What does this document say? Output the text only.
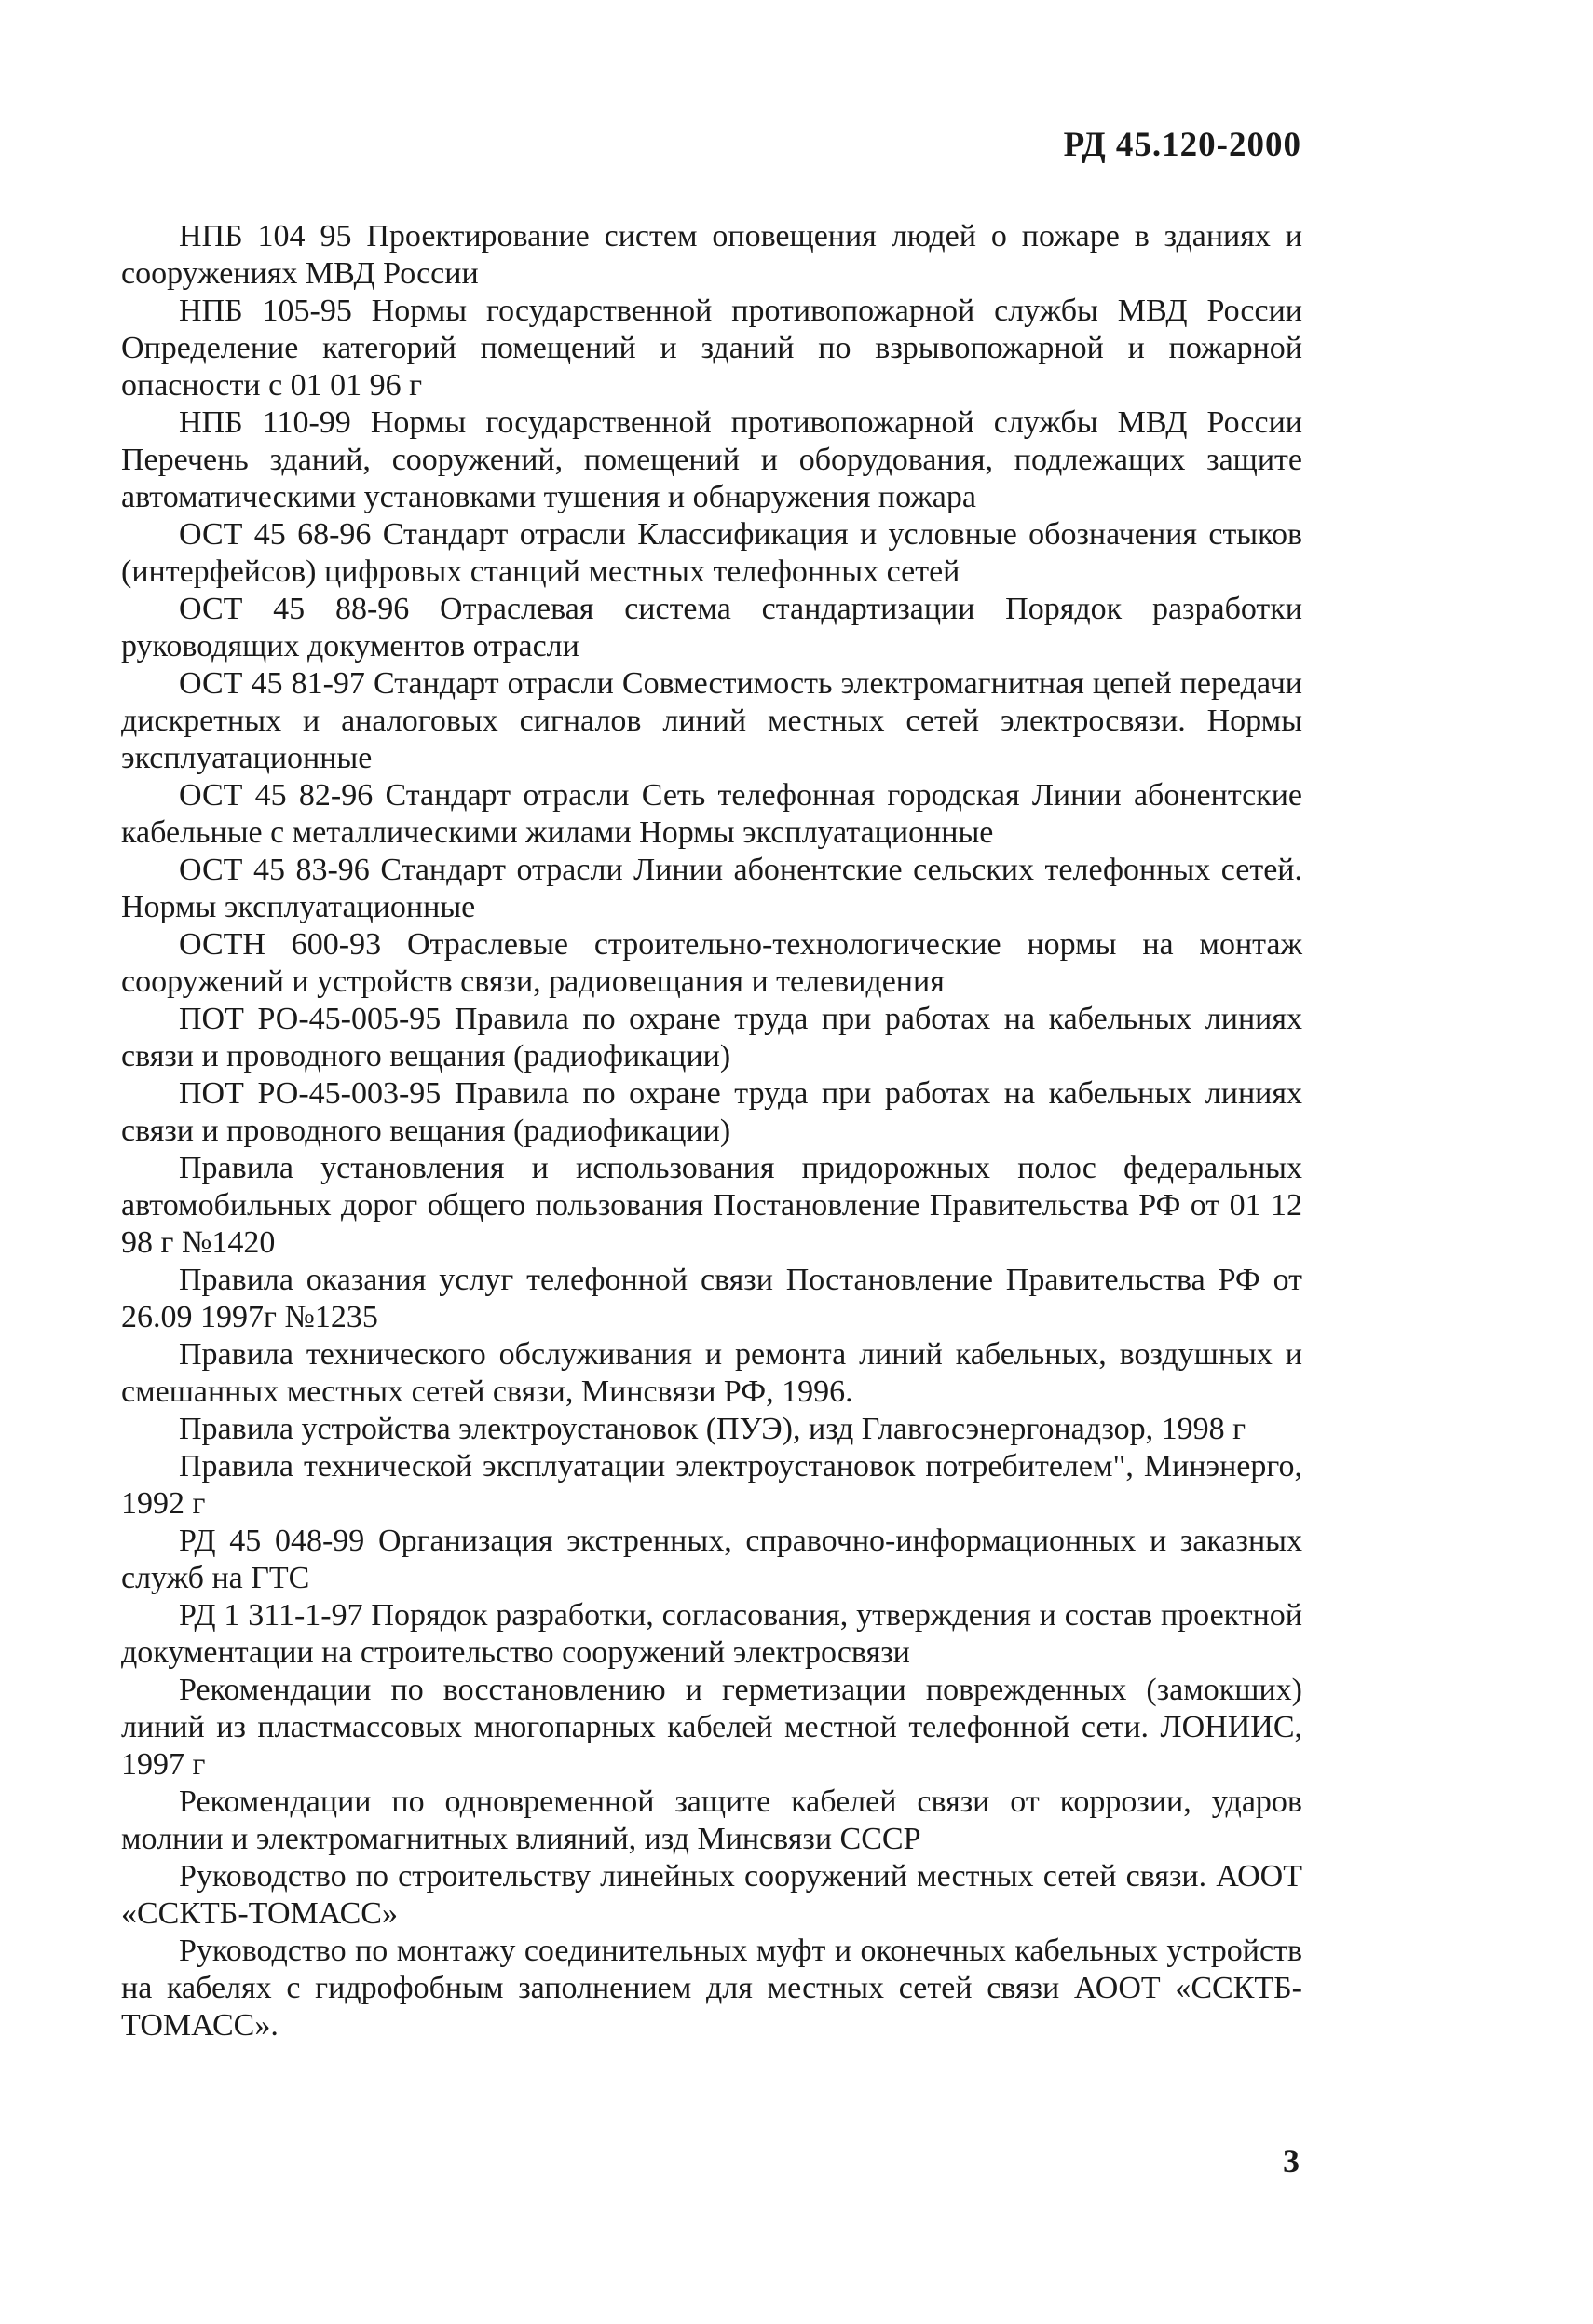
РД 45.120-2000

НПБ 104 95 Проектирование систем оповещения людей о пожаре в зданиях и сооружениях МВД России

НПБ 105-95 Нормы государственной противопожарной службы МВД России Определение категорий помещений и зданий по взрывопожарной и пожарной опасности с 01 01 96 г

НПБ 110-99 Нормы государственной противопожарной службы МВД России Перечень зданий, сооружений, помещений и оборудования, подлежащих защите автоматическими установками тушения и обнаружения пожара

ОСТ 45 68-96 Стандарт отрасли Классификация и условные обозначения стыков (интерфейсов) цифровых станций местных телефонных сетей

ОСТ 45 88-96 Отраслевая система стандартизации Порядок разработки руководящих документов отрасли

ОСТ 45 81-97 Стандарт отрасли Совместимость электромагнитная цепей передачи дискретных и аналоговых сигналов линий местных сетей электросвязи. Нормы эксплуатационные

ОСТ 45 82-96 Стандарт отрасли Сеть телефонная городская Линии абонентские кабельные с металлическими жилами Нормы эксплуатационные

ОСТ 45 83-96 Стандарт отрасли Линии абонентские сельских телефонных сетей. Нормы эксплуатационные

ОСТН 600-93 Отраслевые строительно-технологические нормы на монтаж сооружений и устройств связи, радиовещания и телевидения

ПОТ РО-45-005-95 Правила по охране труда при работах на кабельных линиях связи и проводного вещания (радиофикации)

ПОТ РО-45-003-95 Правила по охране труда при работах на кабельных линиях связи и проводного вещания (радиофикации)

Правила установления и использования придорожных полос федеральных автомобильных дорог общего пользования Постановление Правительства РФ от 01 12 98 г №1420

Правила оказания услуг телефонной связи Постановление Правительства РФ от 26.09 1997г №1235

Правила технического обслуживания и ремонта линий кабельных, воздушных и смешанных местных сетей связи, Минсвязи РФ, 1996.

Правила устройства электроустановок (ПУЭ), изд Главгосэнергонадзор, 1998 г

Правила технической эксплуатации электроустановок потребителем", Минэнерго, 1992 г

РД 45 048-99 Организация экстренных, справочно-информационных и заказных служб на ГТС

РД 1 311-1-97 Порядок разработки, согласования, утверждения и состав проектной документации на строительство сооружений электросвязи

Рекомендации по восстановлению и герметизации поврежденных (замокших) линий из пластмассовых многопарных кабелей местной телефонной сети. ЛОНИИС, 1997 г

Рекомендации по одновременной защите кабелей связи от коррозии, ударов молнии и электромагнитных влияний, изд Минсвязи СССР

Руководство по строительству линейных сооружений местных сетей связи. АООТ «ССКТБ-ТОМАСС»

Руководство по монтажу соединительных муфт и оконечных кабельных устройств на кабелях с гидрофобным заполнением для местных сетей связи АООТ «ССКТБ-ТОМАСС».

3
